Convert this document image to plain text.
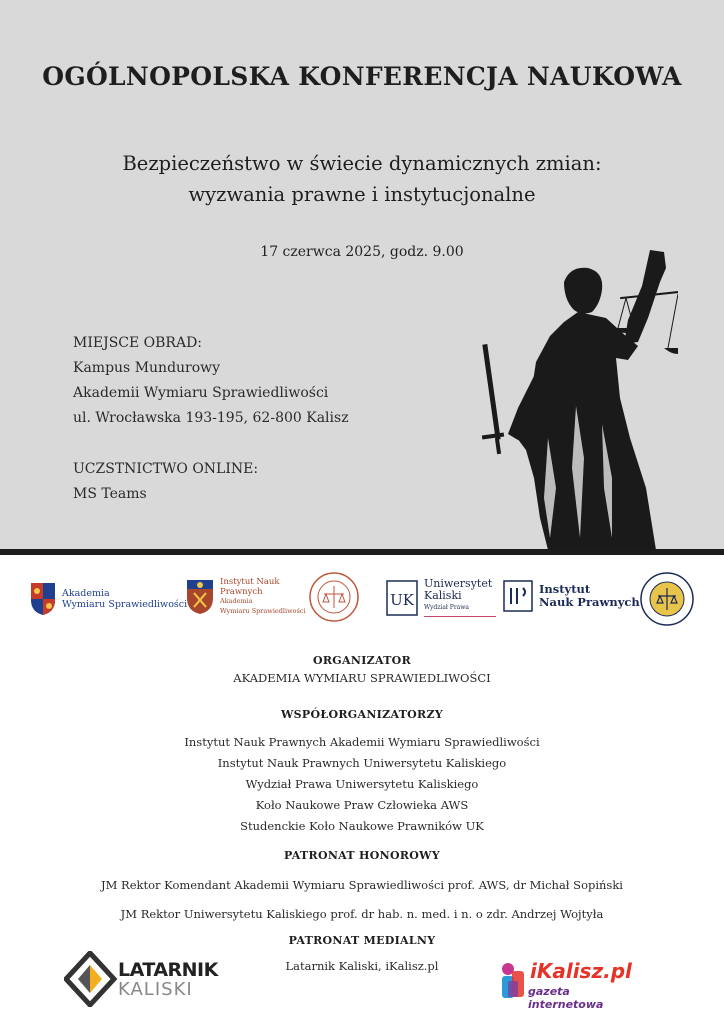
OGÓLNOPOLSKA KONFERENCJA NAUKOWA
Bezpieczeństwo w świecie dynamicznych zmian:
wyzwania prawne i instytucjonalne
17 czerwca 2025, godz. 9.00
MIEJSCE OBRAD:
Kampus Mundurowy
Akademii Wymiaru Sprawiedliwości
ul. Wrocławska 193-195, 62-800 Kalisz
UCZSTNICTWO ONLINE:
MS Teams
Akademia
Wymiaru Sprawiedliwości
Instytut Nauk
Prawnych
Akademia
Wymiaru Sprawiedliwości
UK
Uniwersytet
Kaliski
Wydział Prawa
Instytut
Nauk Prawnych
ORGANIZATOR
AKADEMIA WYMIARU SPRAWIEDLIWOŚCI
WSPÓŁORGANIZATORZY
Instytut Nauk Prawnych Akademii Wymiaru Sprawiedliwości
Instytut Nauk Prawnych Uniwersytetu Kaliskiego
Wydział Prawa Uniwersytetu Kaliskiego
Koło Naukowe Praw Człowieka AWS
Studenckie Koło Naukowe Prawników UK
PATRONAT HONOROWY
JM Rektor Komendant Akademii Wymiaru Sprawiedliwości prof. AWS, dr Michał Sopiński
JM Rektor Uniwersytetu Kaliskiego prof. dr hab. n. med. i n. o zdr. Andrzej Wojtyła
PATRONAT MEDIALNY
Latarnik Kaliski, iKalisz.pl
LATARNIK
KALISKI
iKalisz.pl
gazeta internetowa
